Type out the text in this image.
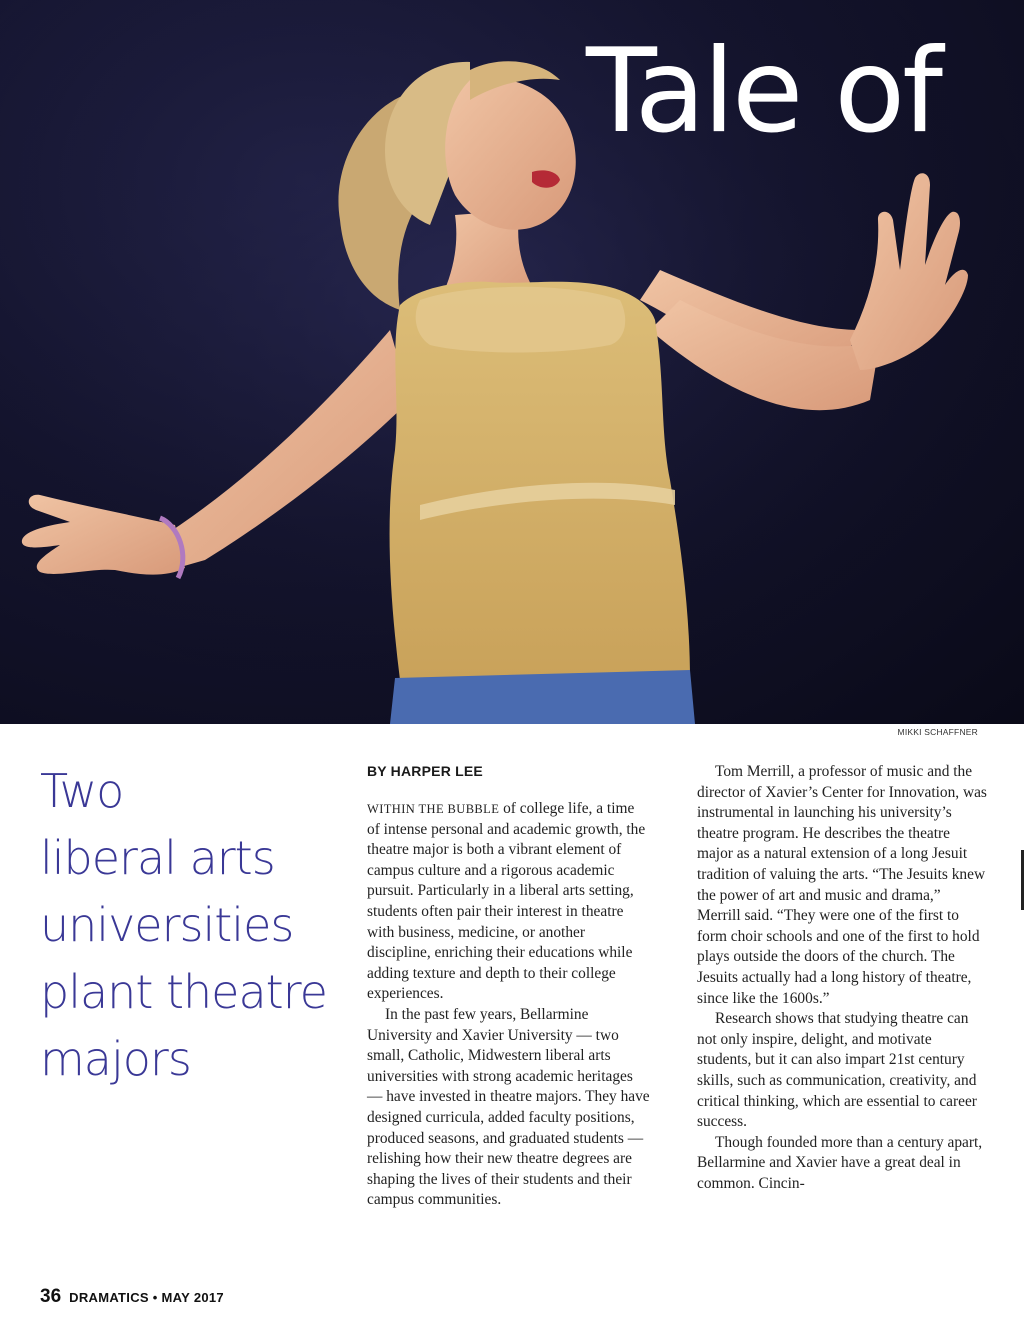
Tale of
MIKKI SCHAFFNER
Two
liberal arts
universities
plant theatre
majors
BY HARPER LEE

WITHIN THE BUBBLE of college life, a time of intense personal and academic growth, the theatre major is both a vibrant element of campus culture and a rigorous academic pursuit. Particularly in a liberal arts setting, students often pair their interest in theatre with business, medicine, or another discipline, enriching their educations while adding texture and depth to their college experiences.

In the past few years, Bellarmine University and Xavier University — two small, Catholic, Midwestern liberal arts universities with strong academic heritages — have invested in theatre majors. They have designed curricula, added faculty positions, produced seasons, and graduated students — relishing how their new theatre degrees are shaping the lives of their students and their campus communities.

Tom Merrill, a professor of music and the director of Xavier’s Center for Innovation, was instrumental in launching his university’s theatre program. He describes the theatre major as a natural extension of a long Jesuit tradition of valuing the arts. “The Jesuits knew the power of art and music and drama,” Merrill said. “They were one of the first to form choir schools and one of the first to hold plays outside the doors of the church. The Jesuits actually had a long history of theatre, since like the 1600s.”

Research shows that studying theatre can not only inspire, delight, and motivate students, but it can also impart 21st century skills, such as communication, creativity, and critical thinking, which are essential to career success.

Though founded more than a century apart, Bellarmine and Xavier have a great deal in common. Cincin-

36 DRAMATICS • MAY 2017
